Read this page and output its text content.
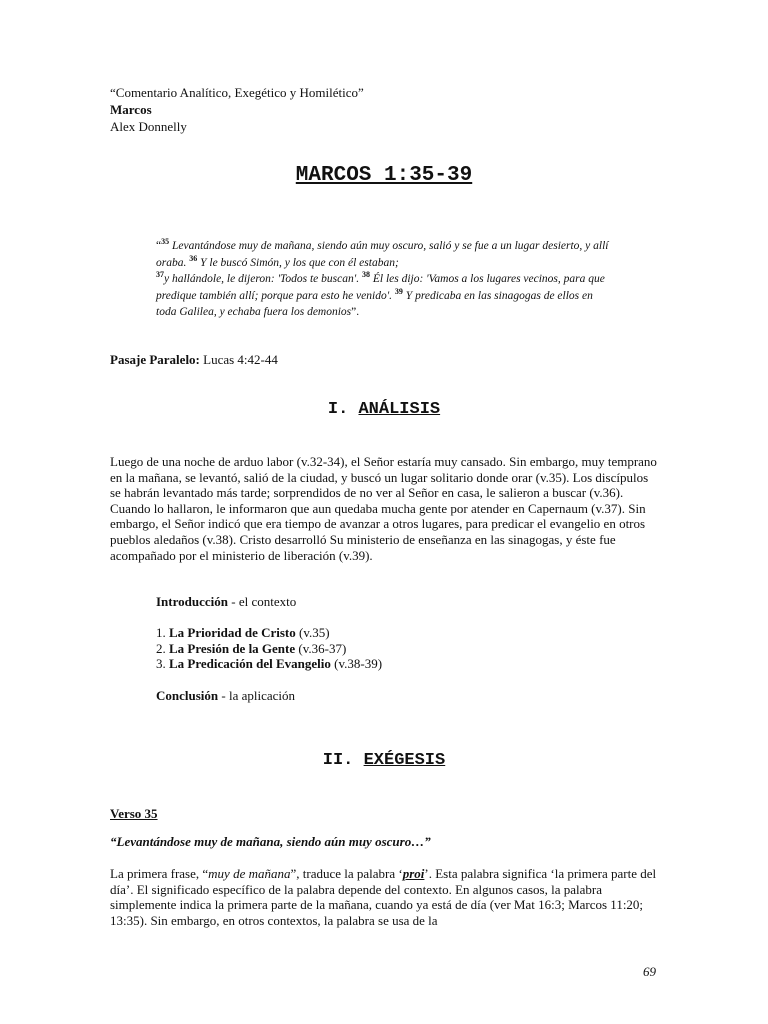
“Comentario Analítico, Exegético y Homilético”
Marcos
Alex Donnelly
MARCOS 1:35-39
“$^{35}$ Levantándose muy de mañana, siendo aún muy oscuro, salió y se fue a un lugar desierto, y allí oraba. $^{36}$ Y le buscó Simón, y los que con él estaban;
$^{37}$y hallándole, le dijeron: 'Todos te buscan'. $^{38}$ Él les dijo: 'Vamos a los lugares vecinos, para que predique también allí; porque para esto he venido'. $^{39}$ Y predicaba en las sinagogas de ellos en toda Galilea, y echaba fuera los demonios”.
Pasaje Paralelo: Lucas 4:42-44
I. ANÁLISIS
Luego de una noche de arduo labor (v.32-34), el Señor estaría muy cansado. Sin embargo, muy temprano en la mañana, se levantó, salió de la ciudad, y buscó un lugar solitario donde orar (v.35). Los discípulos se habrán levantado más tarde; sorprendidos de no ver al Señor en casa, le salieron a buscar (v.36). Cuando lo hallaron, le informaron que aun quedaba mucha gente por atender en Capernaum (v.37). Sin embargo, el Señor indicó que era tiempo de avanzar a otros lugares, para predicar el evangelio en otros pueblos aledaños (v.38). Cristo desarrolló Su ministerio de enseñanza en las sinagogas, y éste fue acompañado por el ministerio de liberación (v.39).
Introducción - el contexto
1. La Prioridad de Cristo (v.35)
2. La Presión de la Gente (v.36-37)
3. La Predicación del Evangelio (v.38-39)
Conclusión - la aplicación
II. EXÉGESIS
Verso 35
“Levantándose muy de mañana, siendo aún muy oscuro…”
La primera frase, “muy de mañana”, traduce la palabra ‘proi’. Esta palabra significa ‘la primera parte del día’. El significado específico de la palabra depende del contexto. En algunos casos, la palabra simplemente indica la primera parte de la mañana, cuando ya está de día (ver Mat 16:3; Marcos 11:20; 13:35). Sin embargo, en otros contextos, la palabra se usa de la
69
